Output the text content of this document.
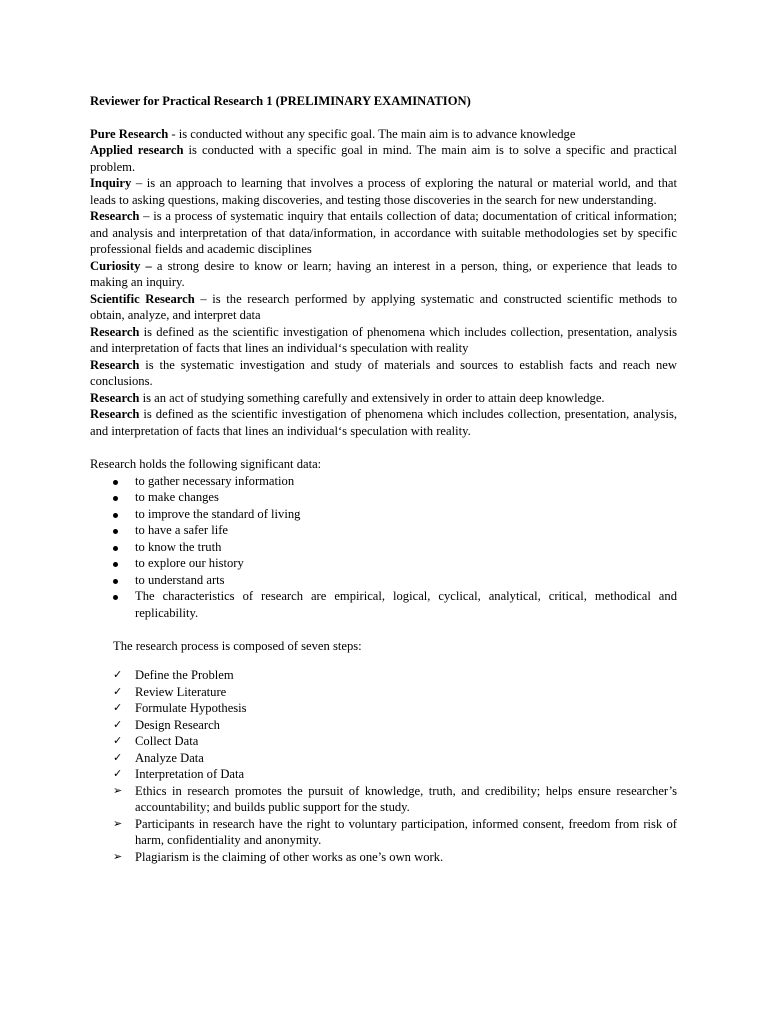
Reviewer for Practical Research 1 (PRELIMINARY EXAMINATION)

Pure Research - is conducted without any specific goal. The main aim is to advance knowledge

Applied research is conducted with a specific goal in mind. The main aim is to solve a specific and practical problem.

Inquiry – is an approach to learning that involves a process of exploring the natural or material world, and that leads to asking questions, making discoveries, and testing those discoveries in the search for new understanding.

Research – is a process of systematic inquiry that entails collection of data; documentation of critical information; and analysis and interpretation of that data/information, in accordance with suitable methodologies set by specific professional fields and academic disciplines

Curiosity – a strong desire to know or learn; having an interest in a person, thing, or experience that leads to making an inquiry.

Scientific Research – is the research performed by applying systematic and constructed scientific methods to obtain, analyze, and interpret data

Research is defined as the scientific investigation of phenomena which includes collection, presentation, analysis and interpretation of facts that lines an individual‘s speculation with reality

Research is the systematic investigation and study of materials and sources to establish facts and reach new conclusions.

Research is an act of studying something carefully and extensively in order to attain deep knowledge.

Research is defined as the scientific investigation of phenomena which includes collection, presentation, analysis, and interpretation of facts that lines an individual‘s speculation with reality.

Research holds the following significant data:

to gather necessary information
to make changes
to improve the standard of living
to have a safer life
to know the truth
to explore our history
to understand arts
The characteristics of research are empirical, logical, cyclical, analytical, critical, methodical and replicability.

The research process is composed of seven steps:

✓	Define the Problem
✓	Review Literature
✓	Formulate Hypothesis
✓	Design Research
✓	Collect Data
✓	Analyze Data
✓	Interpretation of Data
➢	Ethics in research promotes the pursuit of knowledge, truth, and credibility; helps ensure researcher’s accountability; and builds public support for the study.
➢	Participants in research have the right to voluntary participation, informed consent, freedom from risk of harm, confidentiality and anonymity.
➢	Plagiarism is the claiming of other works as one’s own work.
